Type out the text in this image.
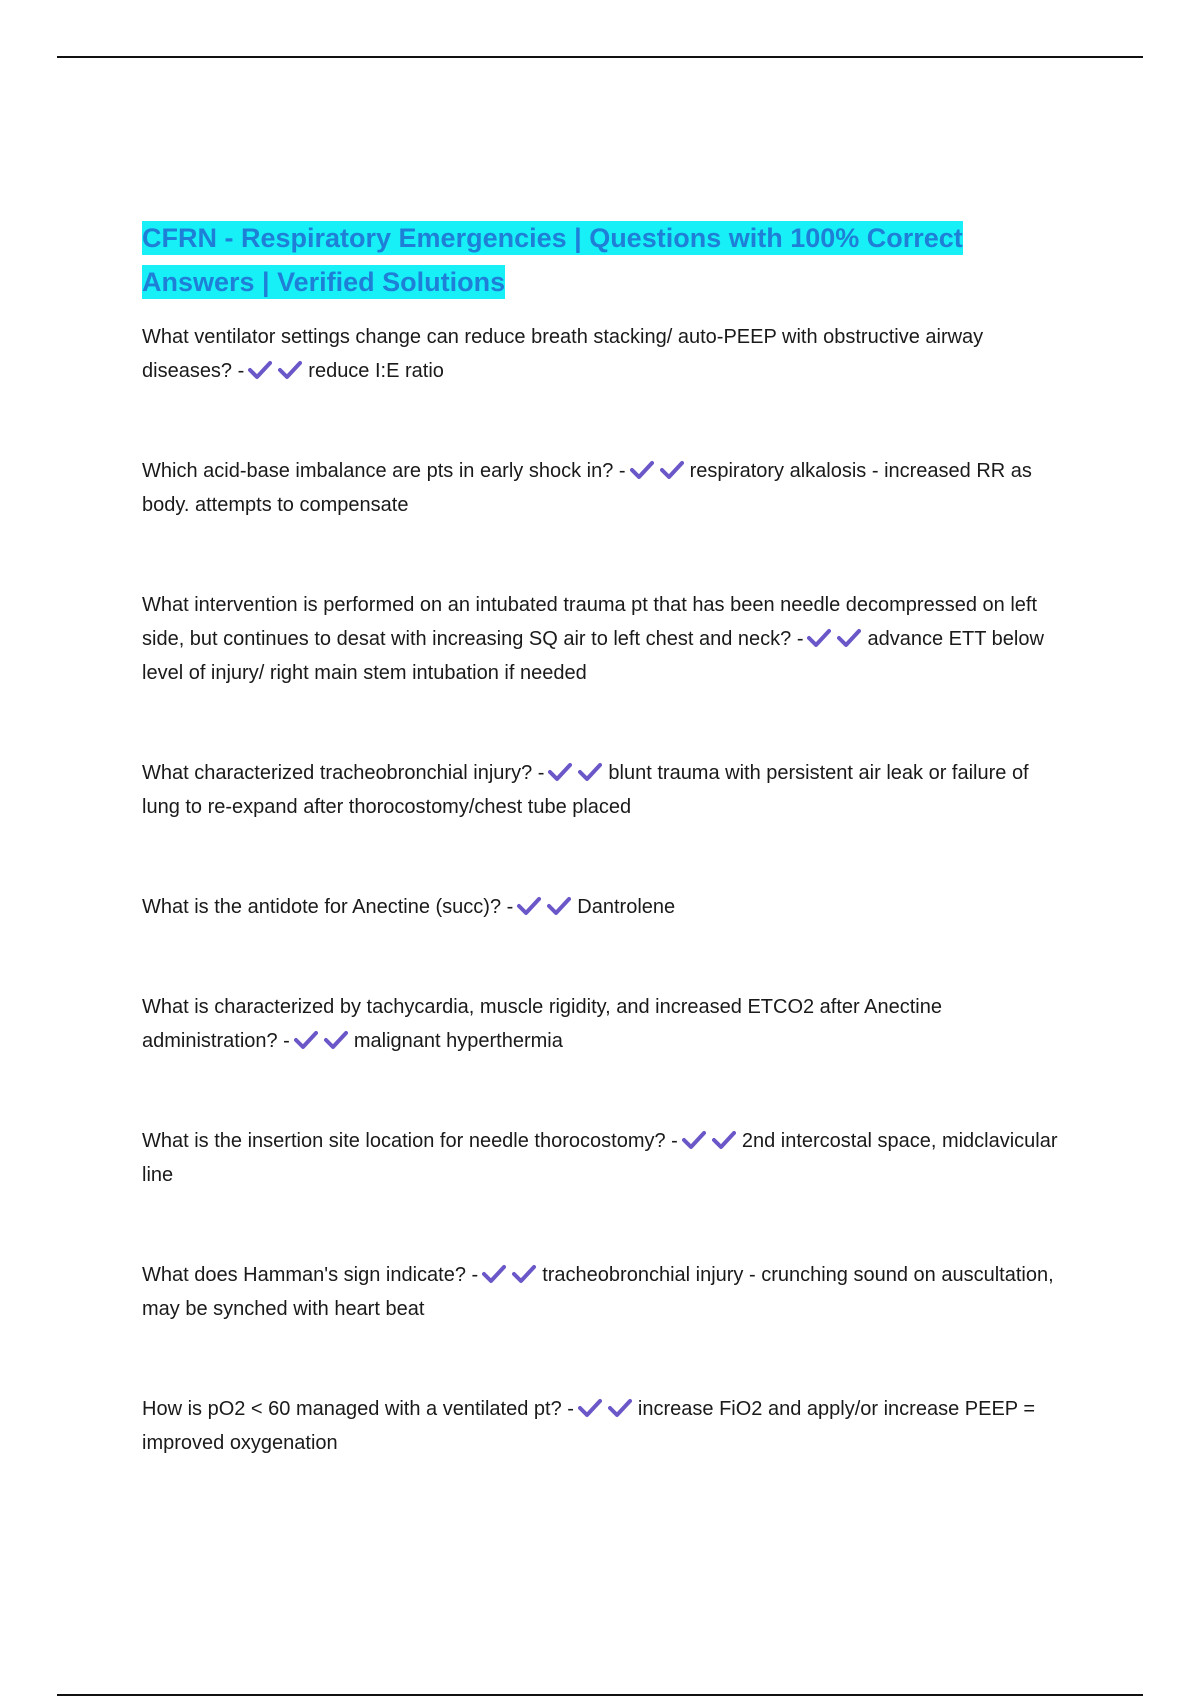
CFRN - Respiratory Emergencies | Questions with 100% Correct Answers | Verified Solutions

What ventilator settings change can reduce breath stacking/ auto-PEEP with obstructive airway diseases? -	reduce I:E ratio

Which acid-base imbalance are pts in early shock in? -	respiratory alkalosis - increased RR as body. attempts to compensate

What intervention is performed on an intubated trauma pt that has been needle decompressed on left side, but continues to desat with increasing SQ air to left chest and neck? -	advance ETT below level of injury/ right main stem intubation if needed

What characterized tracheobronchial injury? -	blunt trauma with persistent air leak or failure of lung to re-expand after thorocostomy/chest tube placed

What is the antidote for Anectine (succ)? -	Dantrolene

What is characterized by tachycardia, muscle rigidity, and increased ETCO2 after Anectine administration? -	malignant hyperthermia

What is the insertion site location for needle thorocostomy? -	2nd intercostal space, midclavicular line

What does Hamman's sign indicate? -	tracheobronchial injury - crunching sound on auscultation, may be synched with heart beat

How is pO2 < 60 managed with a ventilated pt? -	increase FiO2 and apply/or increase PEEP = improved oxygenation
